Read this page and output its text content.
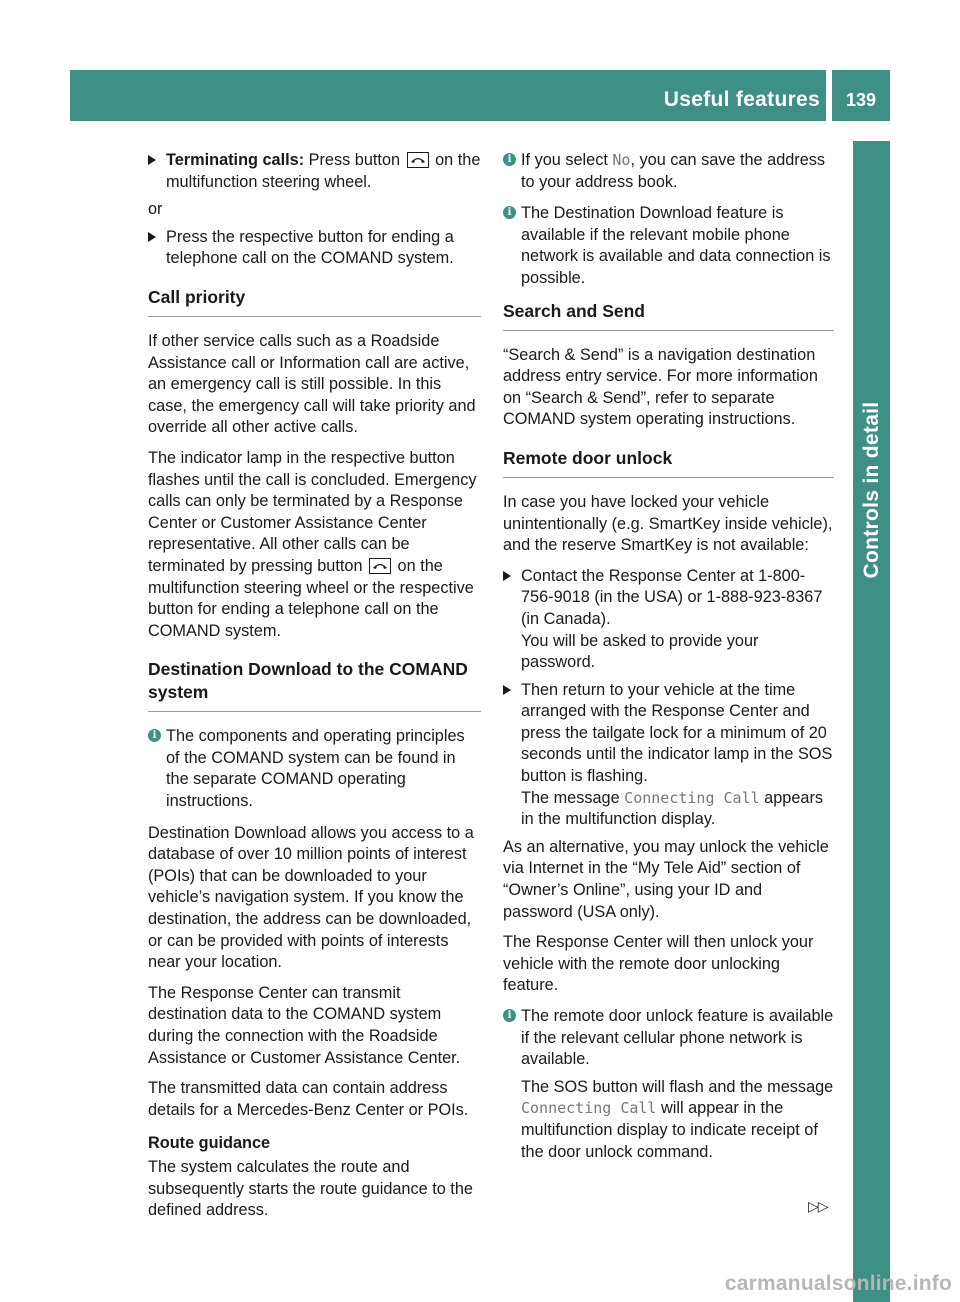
Useful features	139
Controls in detail
Terminating calls: Press button
on the multifunction steering wheel.
or
Press the respective button for ending a telephone call on the COMAND system.
Call priority

If other service calls such as a Roadside Assistance call or Information call are active, an emergency call is still possible. In this case, the emergency call will take priority and override all other active calls.

The indicator lamp in the respective button flashes until the call is concluded. Emergency calls can only be terminated by a Response Center or Customer Assistance Center representative. All other calls can be terminated by pressing button
on the multifunction steering wheel or the respective button for ending a telephone call on the COMAND system.

Destination Download to the COMAND system
i The components and operating principles of the COMAND system can be found in the separate COMAND operating instructions.

Destination Download allows you access to a database of over 10 million points of interest (POIs) that can be downloaded to your vehicle’s navigation system. If you know the destination, the address can be downloaded, or can be provided with points of interests near your location.

The Response Center can transmit destination data to the COMAND system during the connection with the Roadside Assistance or Customer Assistance Center.

The transmitted data can contain address details for a Mercedes-Benz Center or POIs.

Route guidance

The system calculates the route and subsequently starts the route guidance to the defined address.

i If you select No, you can save the address to your address book.
i The Destination Download feature is available if the relevant mobile phone network is available and data connection is possible.
Search and Send

“Search & Send” is a navigation destination address entry service. For more information on “Search & Send”, refer to separate COMAND system operating instructions.

Remote door unlock

In case you have locked your vehicle unintentionally (e.g. SmartKey inside vehicle), and the reserve SmartKey is not available:

Contact the Response Center at 1-800-756-9018 (in the USA) or 1-888-923-8367 (in Canada).
You will be asked to provide your password.
Then return to your vehicle at the time arranged with the Response Center and press the tailgate lock for a minimum of 20 seconds until the indicator lamp in the SOS button is flashing.
The message Connecting Call appears in the multifunction display.

As an alternative, you may unlock the vehicle via Internet in the “My Tele Aid” section of “Owner’s Online”, using your ID and password (USA only).

The Response Center will then unlock your vehicle with the remote door unlocking feature.

i The remote door unlock feature is available if the relevant cellular phone network is available.
The SOS button will flash and the message Connecting Call will appear in the multifunction display to indicate receipt of the door unlock command.
▷▷
carmanualsonline.info
